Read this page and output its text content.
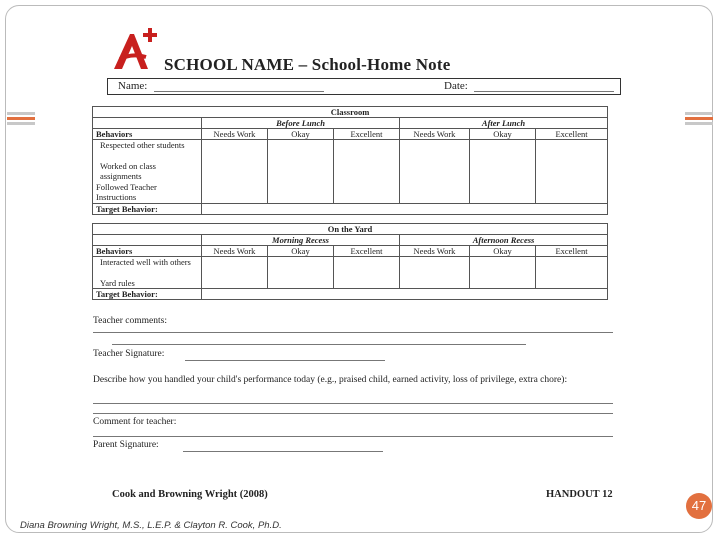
SCHOOL NAME – School-Home Note
Name:	Date:
Classroom						
	Before Lunch			After Lunch		
Behaviors	Needs Work	Okay	Excellent	Needs Work	Okay	Excellent

Respected other students
Worked on class assignments
Followed Teacher Instructions						

Target Behavior:						
On the Yard						
	Morning Recess			Afternoon Recess		
Behaviors	Needs Work	Okay	Excellent	Needs Work	Okay	Excellent

Interacted well with others
Yard rules						

Target Behavior:						
Teacher comments:
Teacher Signature:
Describe how you handled your child's performance today (e.g., praised child, earned activity, loss of privilege, extra chore):
Comment for teacher:
Parent Signature:
Cook and Browning Wright (2008)	HANDOUT 12
47
Diana Browning Wright, M.S., L.E.P. & Clayton R. Cook, Ph.D.
